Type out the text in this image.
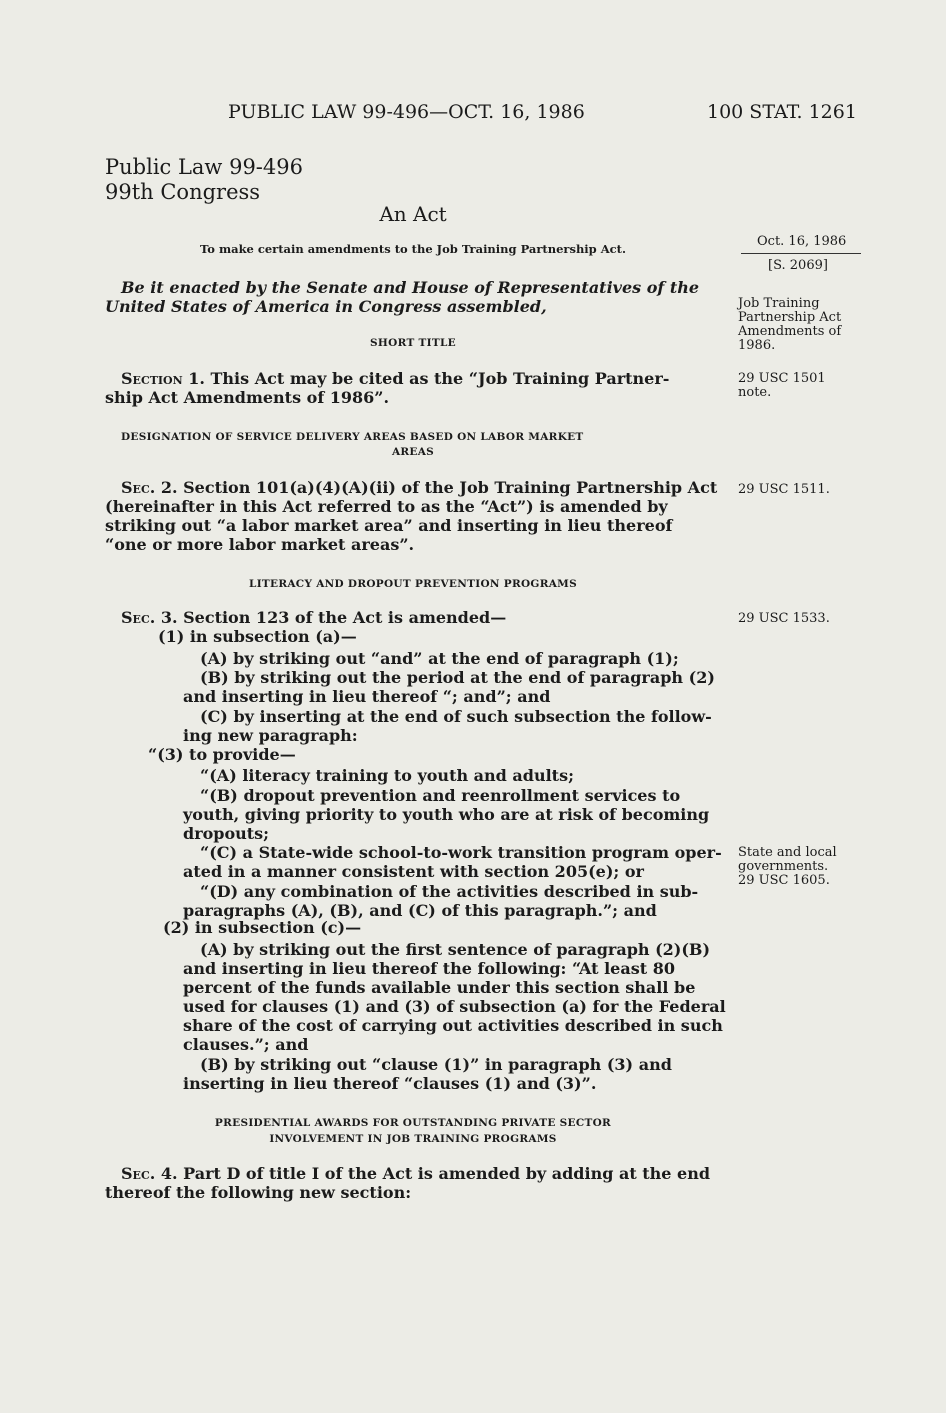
PUBLIC LAW 99-496—OCT. 16, 1986	100 STAT. 1261
Public Law 99-496
99th Congress
An Act
To make certain amendments to the Job Training Partnership Act.	Oct. 16, 1986
[S. 2069]
Be it enacted by the Senate and House of Representatives of the
United States of America in Congress assembled,	Job Training
Partnership Act
Amendments of
1986.
SHORT TITLE
Section 1. This Act may be cited as the “Job Training Partner-
ship Act Amendments of 1986”.
29 USC 1501
note.
DESIGNATION OF SERVICE DELIVERY AREAS BASED ON LABOR MARKET
AREAS
Sec. 2. Section 101(a)(4)(A)(ii) of the Job Training Partnership Act
(hereinafter in this Act referred to as the “Act”) is amended by
striking out “a labor market area” and inserting in lieu thereof
“one or more labor market areas”.
29 USC 1511.
LITERACY AND DROPOUT PREVENTION PROGRAMS
Sec. 3. Section 123 of the Act is amended—	29 USC 1533.
(1) in subsection (a)—
(A) by striking out “and” at the end of paragraph (1);
(B) by striking out the period at the end of paragraph (2)
and inserting in lieu thereof “; and”; and
(C) by inserting at the end of such subsection the follow-
ing new paragraph:
“(3) to provide—
“(A) literacy training to youth and adults;
“(B) dropout prevention and reenrollment services to
youth, giving priority to youth who are at risk of becoming
dropouts;
“(C) a State-wide school-to-work transition program oper-
ated in a manner consistent with section 205(e); or
“(D) any combination of the activities described in sub-
paragraphs (A), (B), and (C) of this paragraph.”; and
State and local
governments.
29 USC 1605.
(2) in subsection (c)—
(A) by striking out the first sentence of paragraph (2)(B)
and inserting in lieu thereof the following: “At least 80
percent of the funds available under this section shall be
used for clauses (1) and (3) of subsection (a) for the Federal
share of the cost of carrying out activities described in such
clauses.”; and
(B) by striking out “clause (1)” in paragraph (3) and
inserting in lieu thereof “clauses (1) and (3)”.
PRESIDENTIAL AWARDS FOR OUTSTANDING PRIVATE SECTOR
INVOLVEMENT IN JOB TRAINING PROGRAMS
Sec. 4. Part D of title I of the Act is amended by adding at the end
thereof the following new section:
